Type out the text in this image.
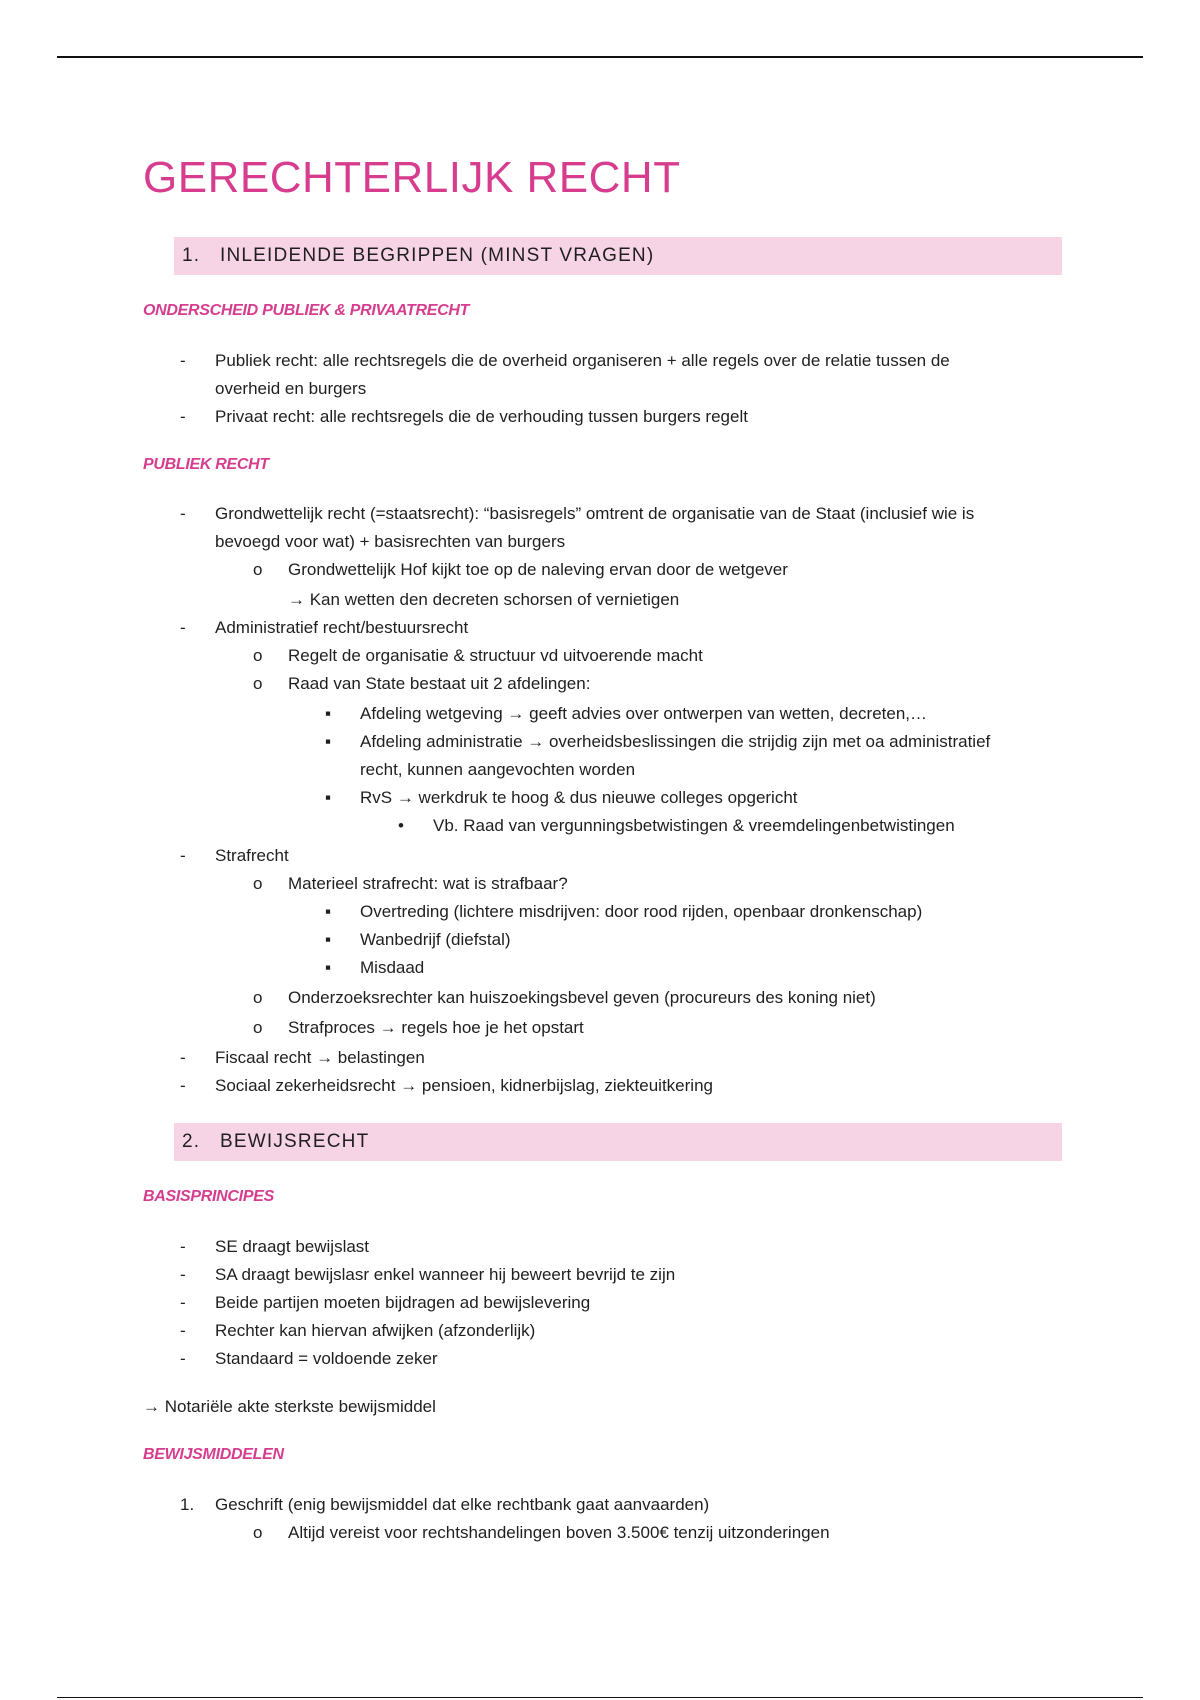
GERECHTERLIJK RECHT
1.	INLEIDENDE BEGRIPPEN (MINST VRAGEN)
ONDERSCHEID PUBLIEK & PRIVAATRECHT
- Publiek recht: alle rechtsregels die de overheid organiseren + alle regels over de relatie tussen de
overheid en burgers
- Privaat recht: alle rechtsregels die de verhouding tussen burgers regelt
PUBLIEK RECHT
- Grondwettelijk recht (=staatsrecht): “basisregels” omtrent de organisatie van de Staat (inclusief wie is
bevoegd voor wat) + basisrechten van burgers
o Grondwettelijk Hof kijkt toe op de naleving ervan door de wetgever
→ Kan wetten den decreten schorsen of vernietigen
- Administratief recht/bestuursrecht
o Regelt de organisatie & structuur vd uitvoerende macht
o Raad van State bestaat uit 2 afdelingen:
▪ Afdeling wetgeving → geeft advies over ontwerpen van wetten, decreten,…
▪ Afdeling administratie → overheidsbeslissingen die strijdig zijn met oa administratief
recht, kunnen aangevochten worden
▪ RvS → werkdruk te hoog & dus nieuwe colleges opgericht
• Vb. Raad van vergunningsbetwistingen & vreemdelingenbetwistingen
- Strafrecht
o Materieel strafrecht: wat is strafbaar?
▪ Overtreding (lichtere misdrijven: door rood rijden, openbaar dronkenschap)
▪ Wanbedrijf (diefstal)
▪ Misdaad
o Onderzoeksrechter kan huiszoekingsbevel geven (procureurs des koning niet)
o Strafproces → regels hoe je het opstart
- Fiscaal recht → belastingen
- Sociaal zekerheidsrecht → pensioen, kidnerbijslag, ziekteuitkering
2.	BEWIJSRECHT
BASISPRINCIPES
- SE draagt bewijslast
- SA draagt bewijslasr enkel wanneer hij beweert bevrijd te zijn
- Beide partijen moeten bijdragen ad bewijslevering
- Rechter kan hiervan afwijken (afzonderlijk)
- Standaard = voldoende zeker
→ Notariële akte sterkste bewijsmiddel
BEWIJSMIDDELEN
1. Geschrift (enig bewijsmiddel dat elke rechtbank gaat aanvaarden)
o Altijd vereist voor rechtshandelingen boven 3.500€ tenzij uitzonderingen
